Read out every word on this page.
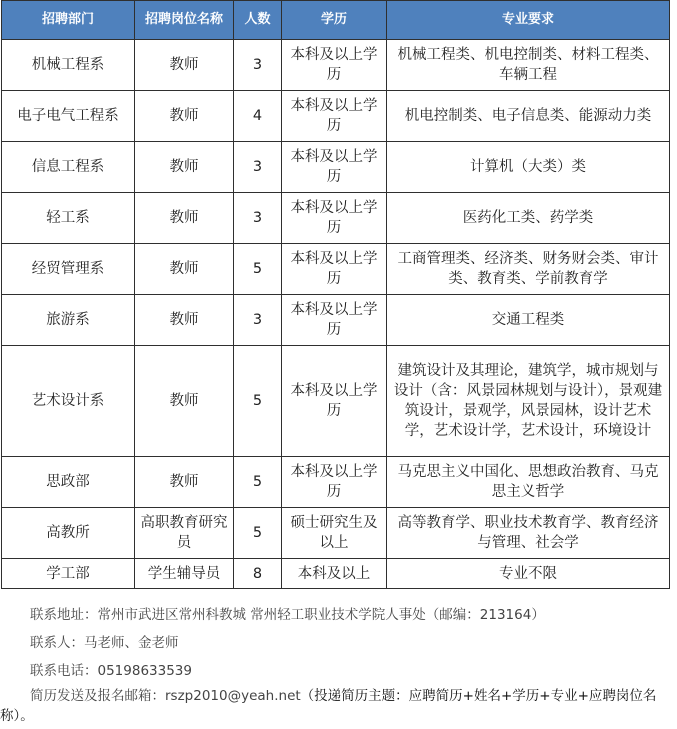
招聘部门	招聘岗位名称	人数	学历	专业要求
机械工程系	教师	3	本科及以上学历	机械工程类、机电控制类、材料工程类、车辆工程
电子电气工程系	教师	4	本科及以上学历	机电控制类、电子信息类、能源动力类
信息工程系	教师	3	本科及以上学历	计算机（大类）类
轻工系	教师	3	本科及以上学历	医药化工类、药学类
经贸管理系	教师	5	本科及以上学历	工商管理类、经济类、财务财会类、审计类、教育类、学前教育学
旅游系	教师	3	本科及以上学历	交通工程类
艺术设计系	教师	5	本科及以上学历	建筑设计及其理论，建筑学，城市规划与设计（含：风景园林规划与设计），景观建筑设计，景观学，风景园林，设计艺术学，艺术设计学，艺术设计，环境设计
思政部	教师	5	本科及以上学历	马克思主义中国化、思想政治教育、马克思主义哲学
高教所	高职教育研究员	5	硕士研究生及以上	高等教育学、职业技术教育学、教育经济与管理、社会学
学工部	学生辅导员	8	本科及以上	专业不限
联系地址：常州市武进区常州科教城 常州轻工职业技术学院人事处（邮编：213164）
联系人：马老师、金老师
联系电话：05198633539
简历发送及报名邮箱：rszp2010@yeah.net（投递简历主题：应聘简历+姓名+学历+专业+应聘岗位名称）。
